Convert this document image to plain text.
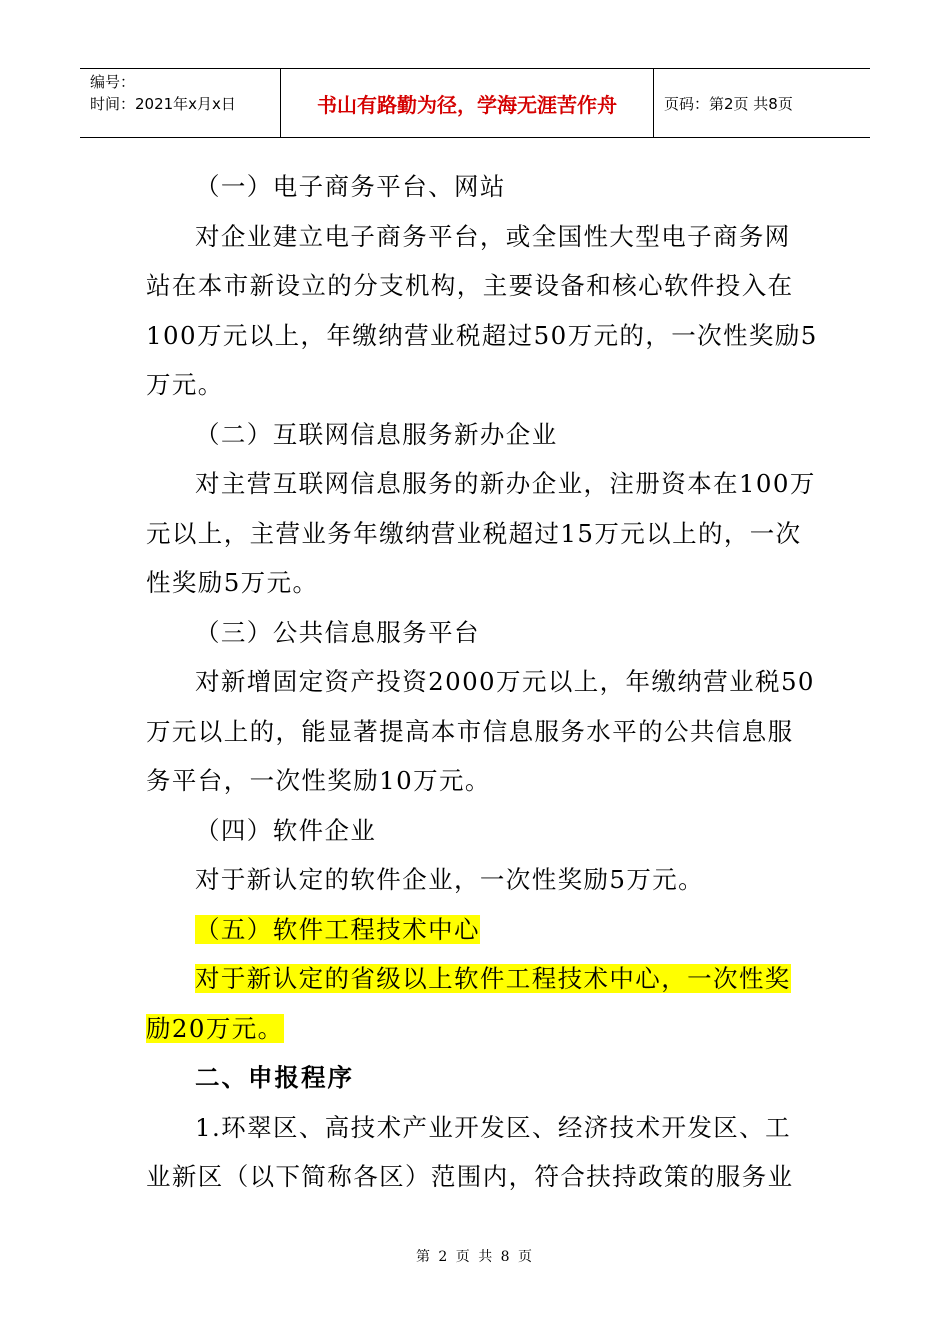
编号：
时间：2021年x月x日	书山有路勤为径，学海无涯苦作舟	页码：第2页 共8页
（一）电子商务平台、网站
对企业建立电子商务平台，或全国性大型电子商务网
站在本市新设立的分支机构，主要设备和核心软件投入在
100万元以上，年缴纳营业税超过50万元的，一次性奖励5
万元。
（二）互联网信息服务新办企业
对主营互联网信息服务的新办企业，注册资本在100万
元以上，主营业务年缴纳营业税超过15万元以上的，一次
性奖励5万元。
（三）公共信息服务平台
对新增固定资产投资2000万元以上，年缴纳营业税50
万元以上的，能显著提高本市信息服务水平的公共信息服
务平台，一次性奖励10万元。
（四）软件企业
对于新认定的软件企业，一次性奖励5万元。
（五）软件工程技术中心
对于新认定的省级以上软件工程技术中心，一次性奖
励20万元。
二、申报程序
1.环翠区、高技术产业开发区、经济技术开发区、工
业新区（以下简称各区）范围内，符合扶持政策的服务业
第 2 页 共 8 页
